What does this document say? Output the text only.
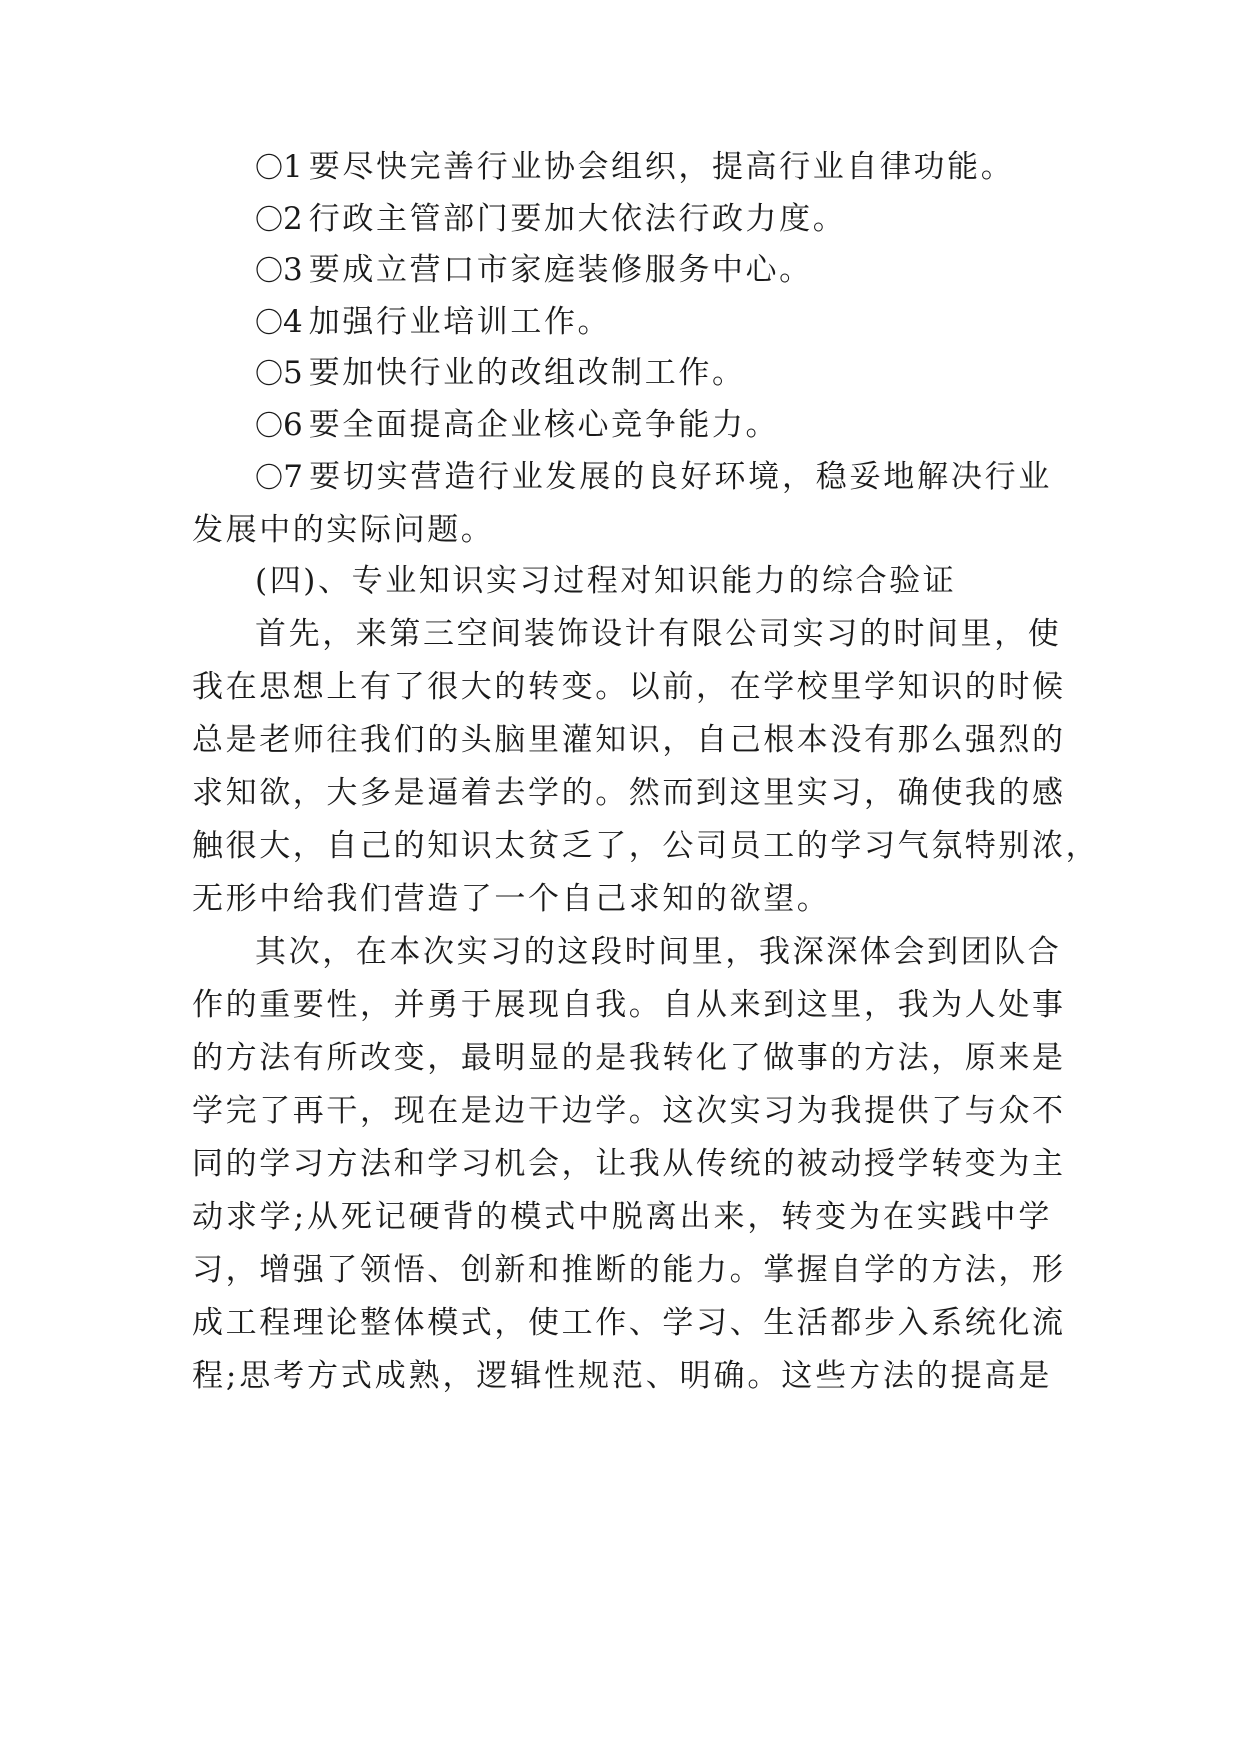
〇1 要尽快完善行业协会组织，提高行业自律功能。
〇2 行政主管部门要加大依法行政力度。
〇3 要成立营口市家庭装修服务中心。
〇4 加强行业培训工作。
〇5 要加快行业的改组改制工作。
〇6 要全面提高企业核心竞争能力。
〇7 要切实营造行业发展的良好环境，稳妥地解决行业
发展中的实际问题。
(四)、专业知识实习过程对知识能力的综合验证
首先，来第三空间装饰设计有限公司实习的时间里，使
我在思想上有了很大的转变。以前，在学校里学知识的时候
总是老师往我们的头脑里灌知识，自己根本没有那么强烈的
求知欲，大多是逼着去学的。然而到这里实习，确使我的感
触很大，自己的知识太贫乏了，公司员工的学习气氛特别浓，
无形中给我们营造了一个自己求知的欲望。
其次，在本次实习的这段时间里，我深深体会到团队合
作的重要性，并勇于展现自我。自从来到这里，我为人处事
的方法有所改变，最明显的是我转化了做事的方法，原来是
学完了再干，现在是边干边学。这次实习为我提供了与众不
同的学习方法和学习机会，让我从传统的被动授学转变为主
动求学;从死记硬背的模式中脱离出来，转变为在实践中学
习，增强了领悟、创新和推断的能力。掌握自学的方法，形
成工程理论整体模式，使工作、学习、生活都步入系统化流
程;思考方式成熟，逻辑性规范、明确。这些方法的提高是
